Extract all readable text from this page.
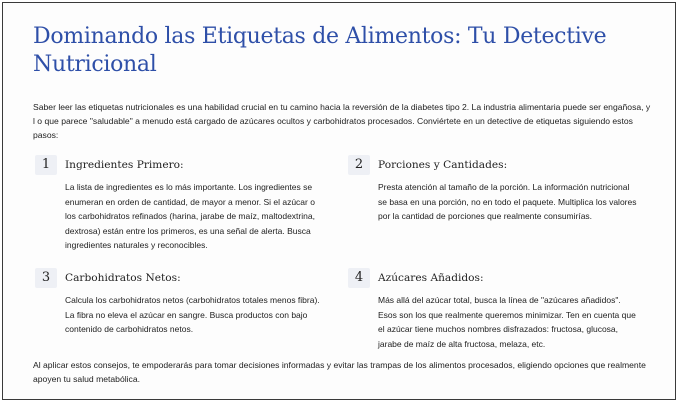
Dominando las Etiquetas de Alimentos: Tu Detective Nutricional

Saber leer las etiquetas nutricionales es una habilidad crucial en tu camino hacia la reversión de la diabetes tipo 2. La industria alimentaria puede ser engañosa, y l o que parece "saludable" a menudo está cargado de azúcares ocultos y carbohidratos procesados. Conviértete en un detective de etiquetas siguiendo estos pasos:

1	Ingredientes Primero:

La lista de ingredientes es lo más importante. Los ingredientes se enumeran en orden de cantidad, de mayor a menor. Si el azúcar o los carbohidratos refinados (harina, jarabe de maíz, maltodextrina, dextrosa) están entre los primeros, es una señal de alerta. Busca ingredientes naturales y reconocibles.

2	Porciones y Cantidades:

Presta atención al tamaño de la porción. La información nutricional se basa en una porción, no en todo el paquete. Multiplica los valores por la cantidad de porciones que realmente consumirías.

3	Carbohidratos Netos:

Calcula los carbohidratos netos (carbohidratos totales menos fibra). La fibra no eleva el azúcar en sangre. Busca productos con bajo contenido de carbohidratos netos.

4	Azúcares Añadidos:

Más allá del azúcar total, busca la línea de "azúcares añadidos". Esos son los que realmente queremos minimizar. Ten en cuenta que el azúcar tiene muchos nombres disfrazados: fructosa, glucosa, jarabe de maíz de alta fructosa, melaza, etc.

Al aplicar estos consejos, te empoderarás para tomar decisiones informadas y evitar las trampas de los alimentos procesados, eligiendo opciones que realmente apoyen tu salud metabólica.
